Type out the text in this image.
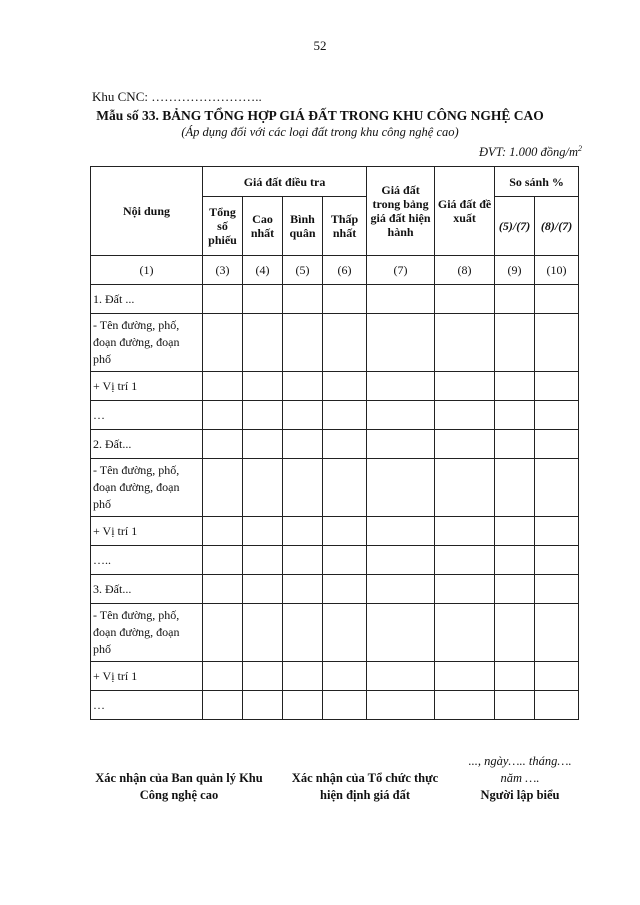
52
Khu CNC: ……………………..
Mẫu số 33. BẢNG TỔNG HỢP GIÁ ĐẤT TRONG KHU CÔNG NGHỆ CAO
(Áp dụng đối với các loại đất trong khu công nghệ cao)
ĐVT: 1.000 đồng/$m^2$
Nội dung	Giá đất điều tra				Giá đất trong bảng giá đất hiện hành	Giá đất đề xuất	So sánh %	
	Tổng số phiếu	Cao nhất	Bình quân	Thấp nhất			(5)/(7)	(8)/(7)
(1)	(3)	(4)	(5)	(6)	(7)	(8)	(9)	(10)
1. Đất ...								
- Tên đường, phố, đoạn đường, đoạn phố								
+ Vị trí 1								
…								
2. Đất...								
- Tên đường, phố, đoạn đường, đoạn phố								
+ Vị trí 1								
…..								
3. Đất...								
- Tên đường, phố, đoạn đường, đoạn phố								
+ Vị trí 1								
…								
Xác nhận của Ban quản lý Khu Công nghệ cao
Xác nhận của Tổ chức thực hiện định giá đất
..., ngày….. tháng….
năm ….
Người lập biểu
